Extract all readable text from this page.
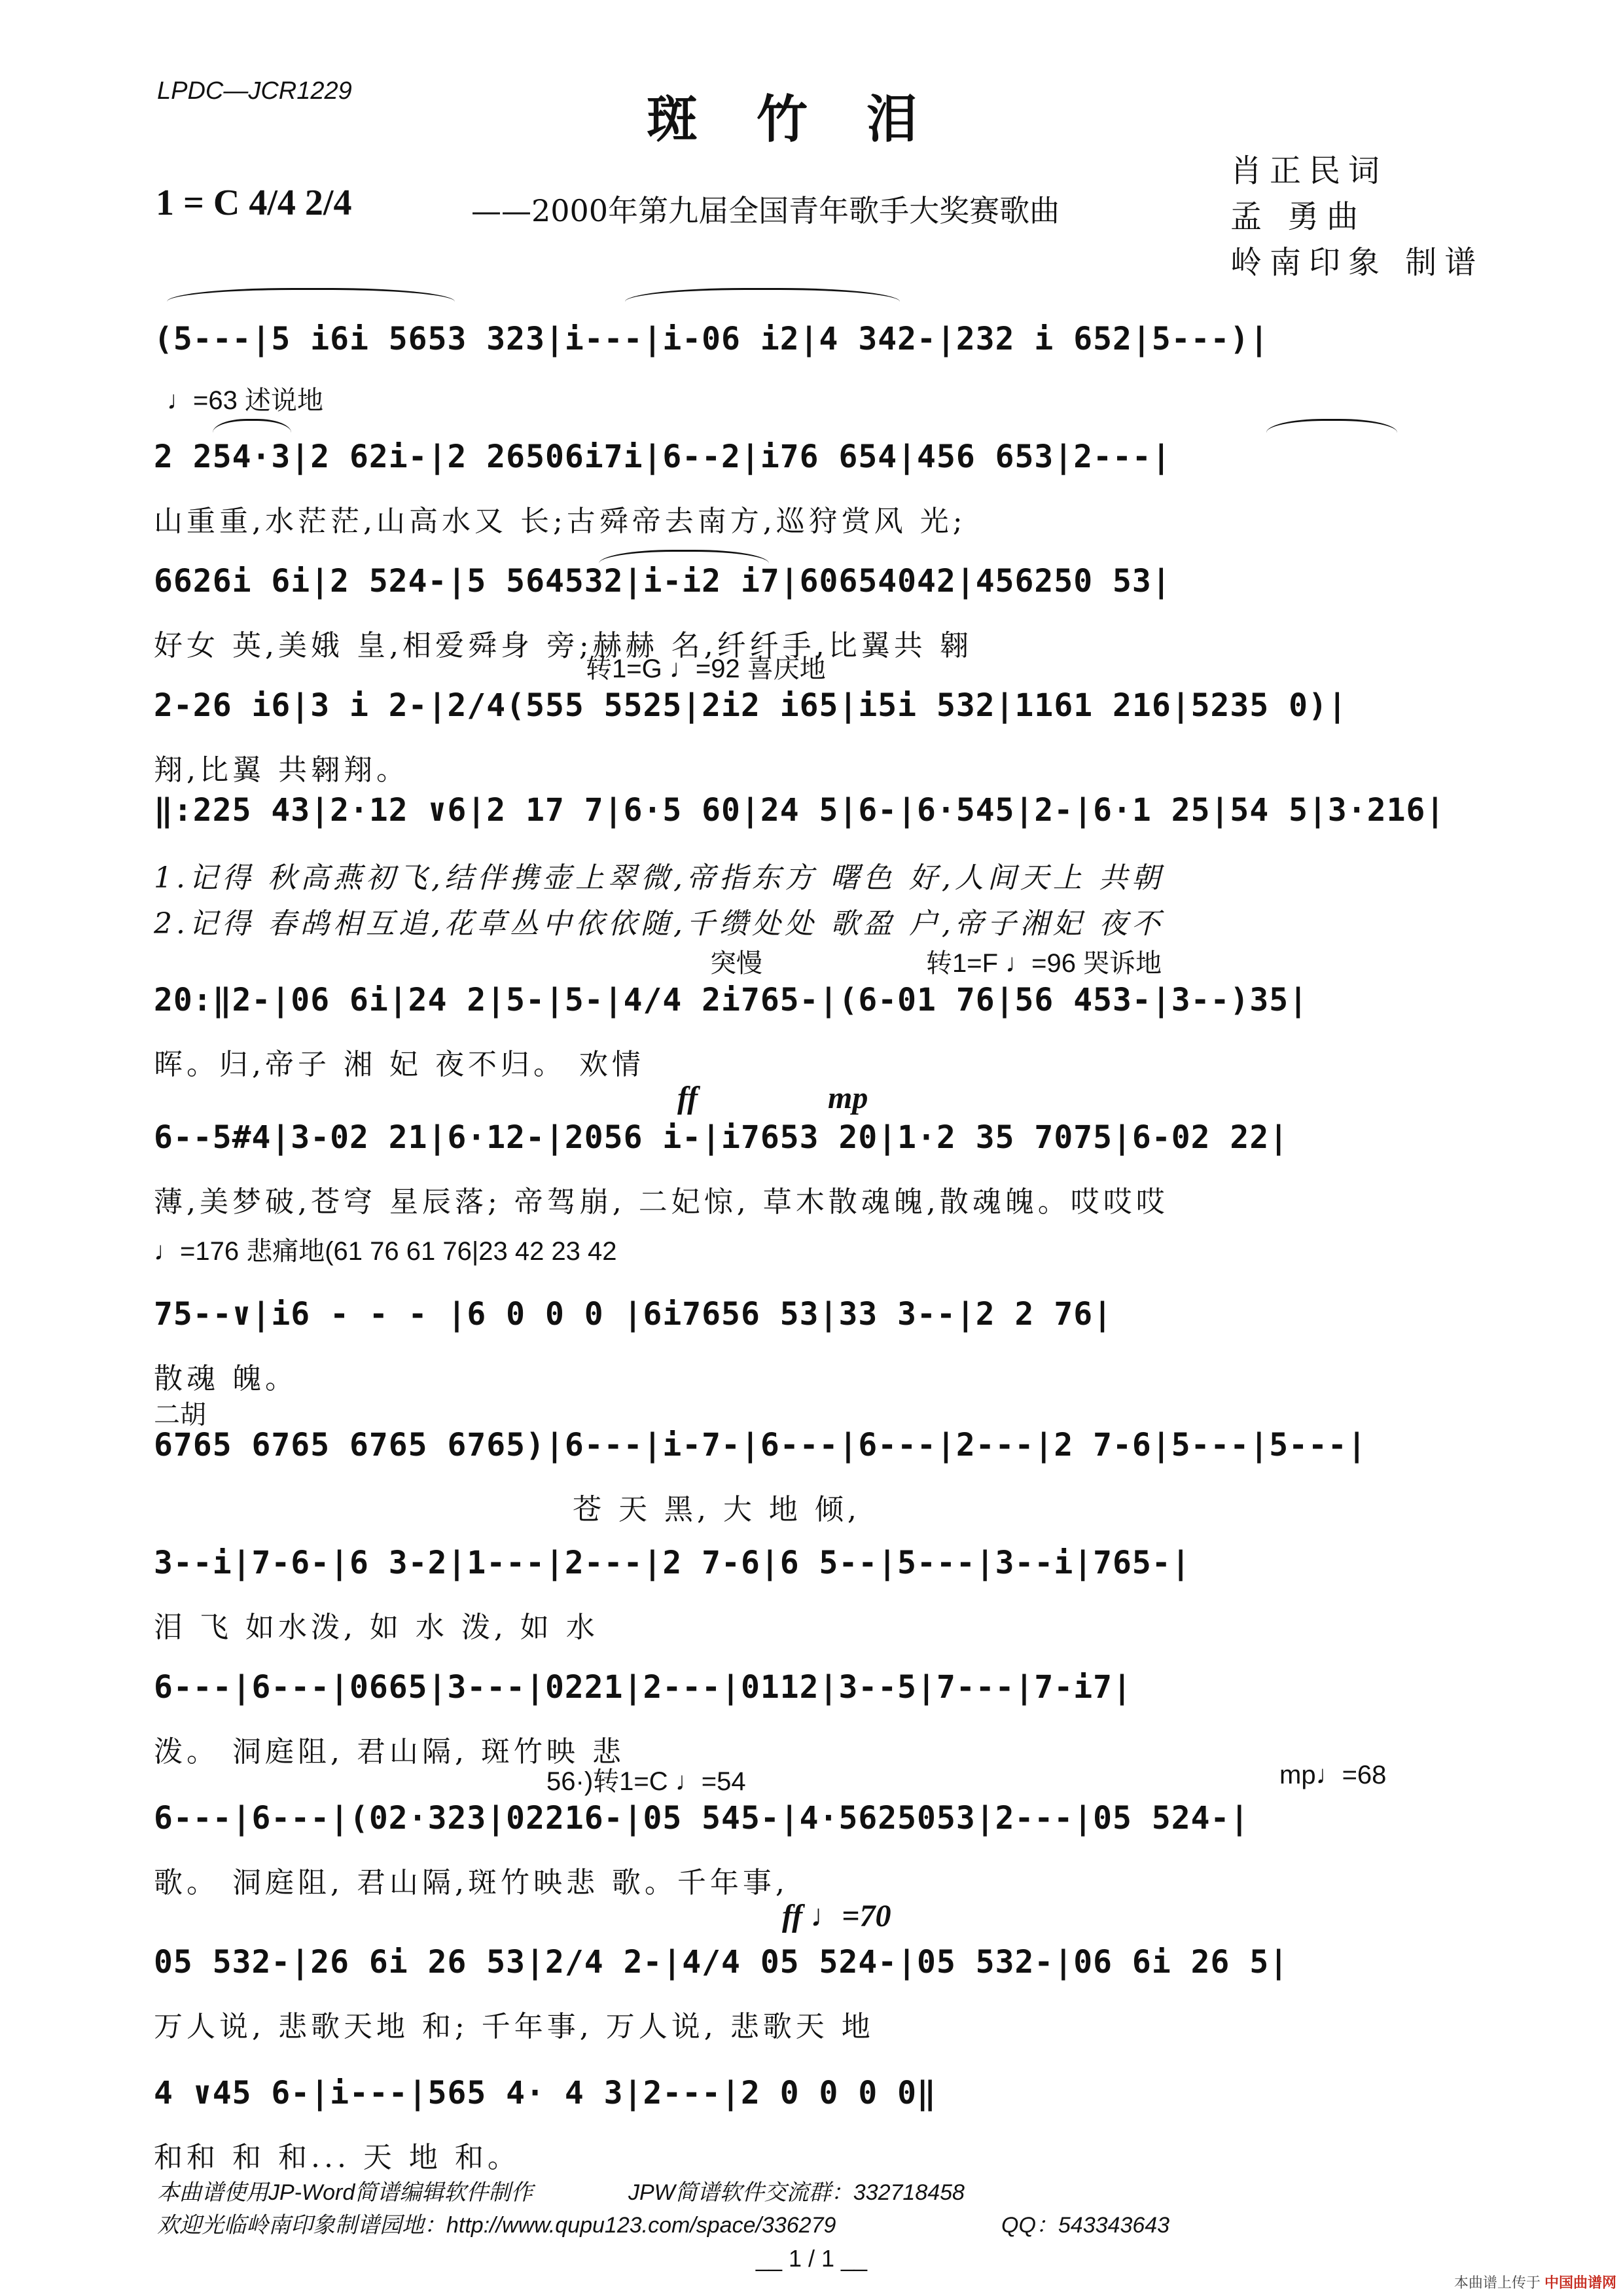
LPDC—JCR1229	斑竹泪
1 = C 4/4 2/4	——2000年第九届全国青年歌手大奖赛歌曲
肖正民词
孟 勇曲
岭南印象 制谱
(5---|5 i6i 5653 323|i---|i-06 i2|4 342-|232 i 652|5---)|
♩=63 述说地
2 254·3|2 62i-|2 26506i7i|6--2|i76 654|456 653|2---|
山重重,水茫茫,山高水又 长;古舜帝去南方,巡狩赏风 光;
6626i 6i|2 524-|5 564532|i-i2 i7|60654042|456250 53|
好女 英,美娥 皇,相爱舜身 旁;赫赫 名,纤纤手,比翼共 翱
转1=G ♩=92 喜庆地
2-26 i6|3 i 2-|2/4(555 5525|2i2 i65|i5i 532|1161 216|5235 0)|
翔,比翼 共翱翔。
‖:225 43|2·12 ∨6|2 17 7|6·5 60|24 5|6-|6·545|2-|6·1 25|54 5|3·216|
1.记得 秋高燕初飞,结伴携壶上翠微,帝指东方 曙色 好,人间天上 共朝
2.记得 春鸪相互追,花草丛中依依随,千缵处处 歌盈 户,帝子湘妃 夜不
突慢	转1=F ♩=96 哭诉地
20:‖2-|06 6i|24 2|5-|5-|4/4 2i765-|(6-01 76|56 453-|3--)35|
晖。归,帝子 湘 妃 夜不归。 欢情
ff	mp
6--5#4|3-02 21|6·12-|2056 i-|i7653 20|1·2 35 7075|6-02 22|
薄,美梦破,苍穹 星辰落; 帝驾崩, 二妃惊, 草木散魂魄,散魂魄。哎哎哎
♩=176 悲痛地(61 76 61 76|23 42 23 42
75--∨|i6 - - - |6 0 0 0 |6i7656 53|33 3--|2 2 76|
散魂 魄。
二胡
6765 6765 6765 6765)|6---|i-7-|6---|6---|2---|2 7-6|5---|5---|
苍 天 黑, 大 地 倾,
3--i|7-6-|6 3-2|1---|2---|2 7-6|6 5--|5---|3--i|765-|
泪 飞 如水泼, 如 水 泼, 如 水
6---|6---|0665|3---|0221|2---|0112|3--5|7---|7-i7|
泼。 洞庭阻, 君山隔, 斑竹映 悲
56·)转1=C ♩=54	mp♩=68
6---|6---|(02·323|02216-|05 545-|4·5625053|2---|05 524-|
歌。 洞庭阻, 君山隔,斑竹映悲 歌。千年事,
ff ♩=70
05 532-|26 6i 26 53|2/4 2-|4/4 05 524-|05 532-|06 6i 26 5|
万人说, 悲歌天地 和; 千年事, 万人说, 悲歌天 地
4 ∨45 6-|i---|565 4· 4 3|2---|2 0 0 0 0‖
和和 和 和... 天 地 和。
本曲谱使用JP-Word简谱编辑软件制作	JPW简谱软件交流群：332718458
欢迎光临岭南印象制谱园地：http://www.qupu123.com/space/336279	QQ：543343643
__ 1 / 1 __
本曲谱上传于 中国曲谱网
